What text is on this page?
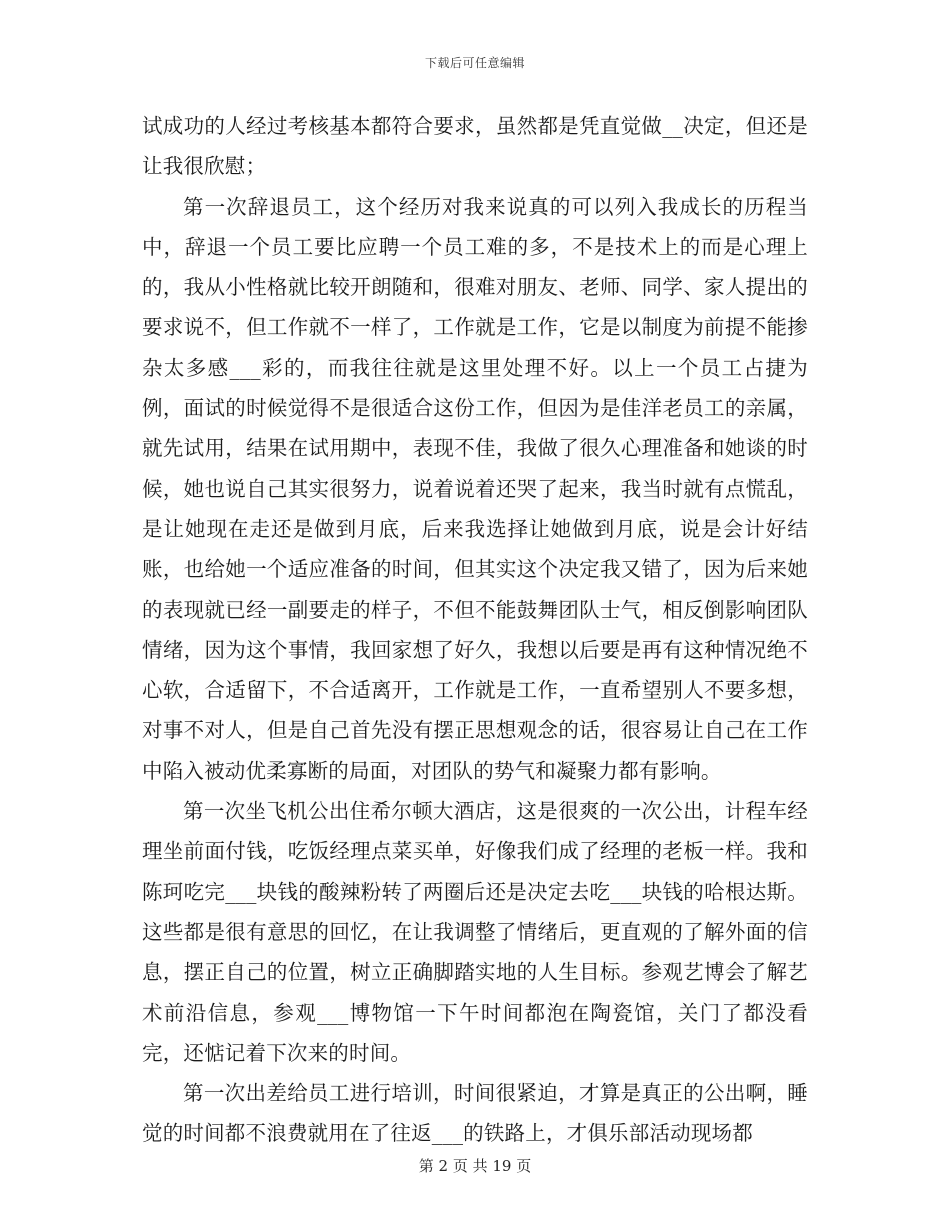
下载后可任意编辑

试成功的人经过考核基本都符合要求，虽然都是凭直觉做__决定，但还是让我很欣慰；

第一次辞退员工，这个经历对我来说真的可以列入我成长的历程当中，辞退一个员工要比应聘一个员工难的多，不是技术上的而是心理上的，我从小性格就比较开朗随和，很难对朋友、老师、同学、家人提出的要求说不，但工作就不一样了，工作就是工作，它是以制度为前提不能掺杂太多感___彩的，而我往往就是这里处理不好。以上一个员工占捷为例，面试的时候觉得不是很适合这份工作，但因为是佳洋老员工的亲属，就先试用，结果在试用期中，表现不佳，我做了很久心理准备和她谈的时候，她也说自己其实很努力，说着说着还哭了起来，我当时就有点慌乱，是让她现在走还是做到月底，后来我选择让她做到月底，说是会计好结账，也给她一个适应准备的时间，但其实这个决定我又错了，因为后来她的表现就已经一副要走的样子，不但不能鼓舞团队士气，相反倒影响团队情绪，因为这个事情，我回家想了好久，我想以后要是再有这种情况绝不心软，合适留下，不合适离开，工作就是工作，一直希望别人不要多想，对事不对人，但是自己首先没有摆正思想观念的话，很容易让自己在工作中陷入被动优柔寡断的局面，对团队的势气和凝聚力都有影响。

第一次坐飞机公出住希尔顿大酒店，这是很爽的一次公出，计程车经理坐前面付钱，吃饭经理点菜买单，好像我们成了经理的老板一样。我和陈珂吃完___块钱的酸辣粉转了两圈后还是决定去吃___块钱的哈根达斯。这些都是很有意思的回忆，在让我调整了情绪后，更直观的了解外面的信息，摆正自己的位置，树立正确脚踏实地的人生目标。参观艺博会了解艺术前沿信息，参观___博物馆一下午时间都泡在陶瓷馆，关门了都没看完，还惦记着下次来的时间。

第一次出差给员工进行培训，时间很紧迫，才算是真正的公出啊，睡觉的时间都不浪费就用在了往返___的铁路上，才俱乐部活动现场都

第 2 页 共 19 页
